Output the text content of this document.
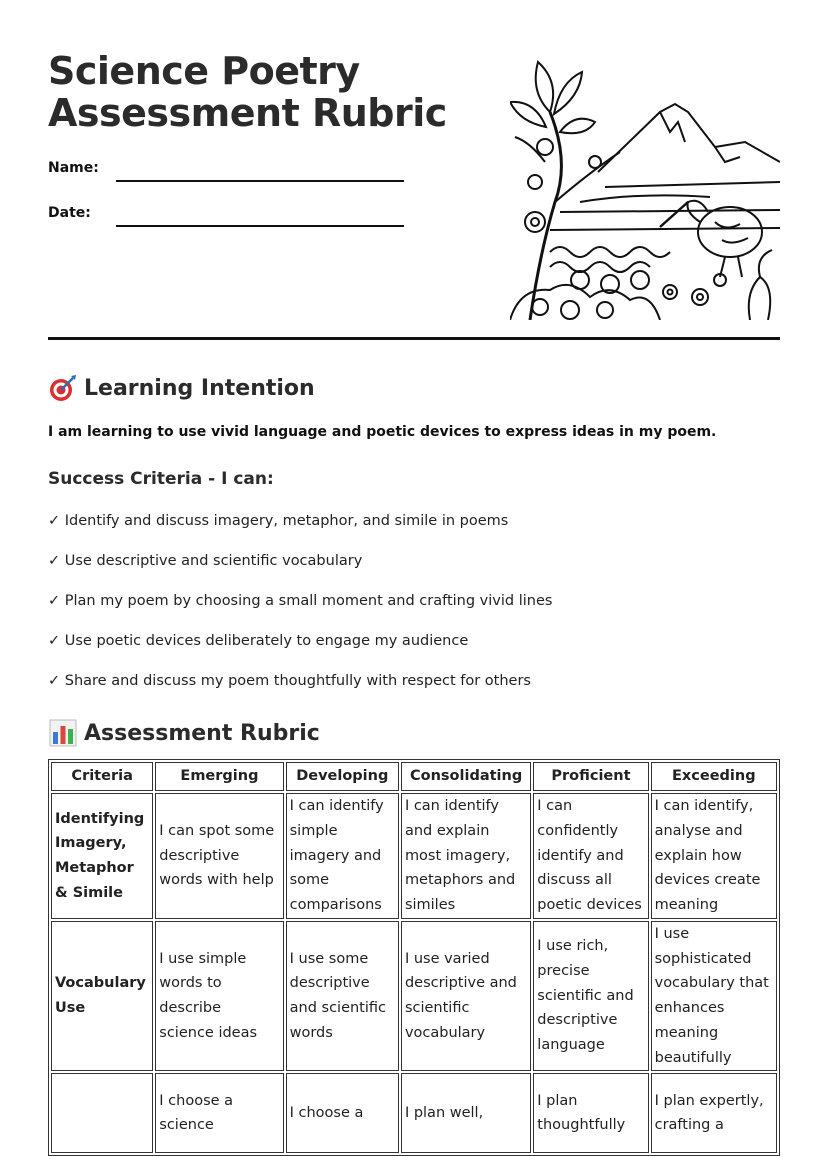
Science Poetry
Assessment Rubric
Name:
Date:
Learning Intention
I am learning to use vivid language and poetic devices to express ideas in my poem.
Success Criteria - I can:
✓ Identify and discuss imagery, metaphor, and simile in poems
✓ Use descriptive and scientific vocabulary
✓ Plan my poem by choosing a small moment and crafting vivid lines
✓ Use poetic devices deliberately to engage my audience
✓ Share and discuss my poem thoughtfully with respect for others
Assessment Rubric
Criteria	Emerging	Developing	Consolidating	Proficient	Exceeding
Identifying Imagery, Metaphor & Simile	I can spot some descriptive words with help	I can identify simple imagery and some comparisons	I can identify and explain most imagery, metaphors and similes	I can confidently identify and discuss all poetic devices	I can identify, analyse and explain how devices create meaning
Vocabulary Use	I use simple words to describe science ideas	I use some descriptive and scientific words	I use varied descriptive and scientific vocabulary	I use rich, precise scientific and descriptive language	I use sophisticated vocabulary that enhances meaning beautifully
	I choose a science	I choose a	I plan well,	I plan thoughtfully	I plan expertly, crafting a
